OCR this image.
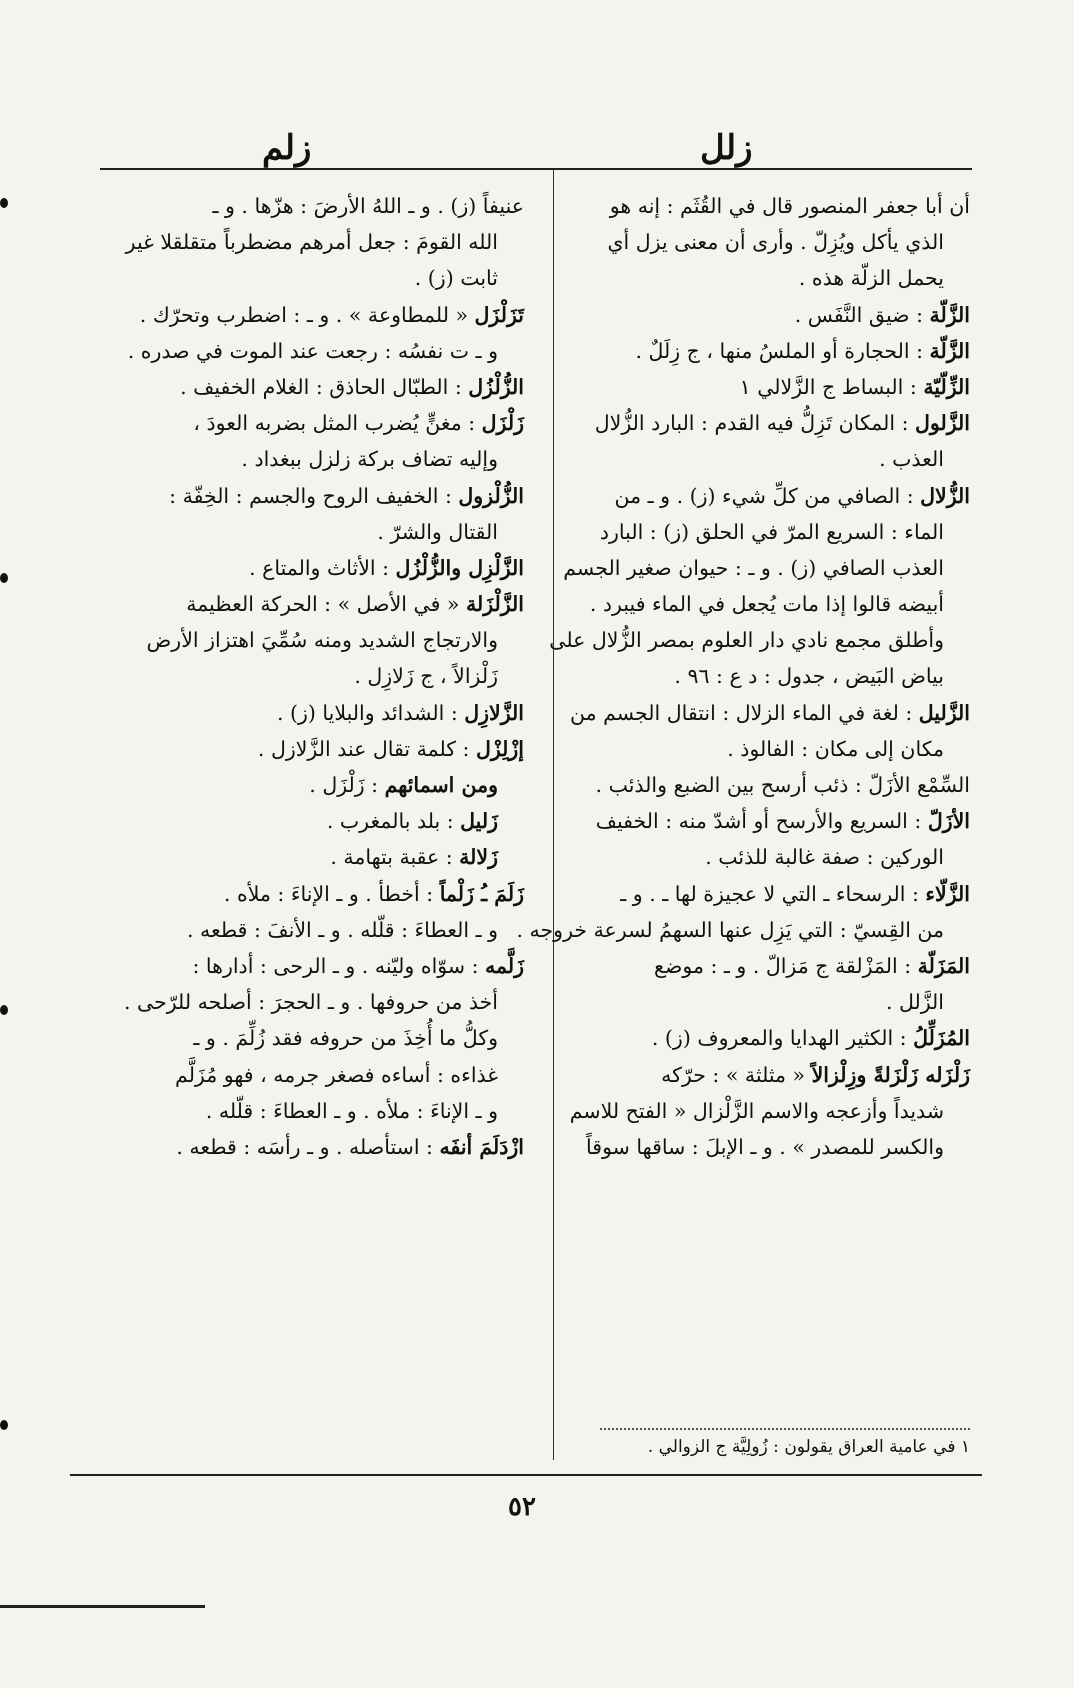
زلل
زلم
أن أبا جعفر المنصور قال في القُثَم : إنه هو
الذي يأكل ويُزِلّ . وأرى أن معنى يزل أي
يحمل الزلّة هذه .
الزَّلّة : ضيق النَّفَس .
الزَّلّة : الحجارة أو الملسُ منها ، ج زِلَلٌ .
الزِّلّيّة : البساط ج الزَّلالي ١
الزَّلول : المكان تَزِلُّ فيه القدم : البارد الزُّلال
العذب .
الزُّلال : الصافي من كلِّ شيء (ز) . و ـ من
الماء : السريع المرّ في الحلق (ز) : البارد
العذب الصافي (ز) . و ـ : حيوان صغير الجسم
أبيضه قالوا إذا مات يُجعل في الماء فيبرد .
وأطلق مجمع نادي دار العلوم بمصر الزُّلال على
بياض البَيض ، جدول : د ع : ٩٦ .
الزَّليل : لغة في الماء الزلال : انتقال الجسم من
مكان إلى مكان : الفالوذ .
السِّمْع الأزَلّ : ذئب أرسح بين الضبع والذئب .
الأزَلّ : السريع والأرسح أو أشدّ منه : الخفيف
الوركين : صفة غالبة للذئب .
الزَّلّاء : الرسحاء ـ التي لا عجيزة لها ـ . و ـ
من القِسيّ : التي يَزِل عنها السهمُ لسرعة خروجه .
المَزَلّة : المَزْلقة ج مَزالّ . و ـ : موضع
الزَّلل .
المُزَلِّلُ : الكثير الهدايا والمعروف (ز) .
زَلْزَله زَلْزَلةً وزِلْزالاً « مثلثة » : حرّكه
شديداً وأزعجه والاسم الزَّلْزال « الفتح للاسم
والكسر للمصدر » . و ـ الإبلَ : ساقها سوقاً
عنيفاً (ز) . و ـ اللهُ الأرضَ : هزّها . و ـ
الله القومَ : جعل أمرهم مضطرباً متقلقلا غير
ثابت (ز) .
تَزَلْزَل « للمطاوعة » . و ـ : اضطرب وتحرّك .
و ـ ت نفسُه : رجعت عند الموت في صدره .
الزُّلْزُل : الطبّال الحاذق : الغلام الخفيف .
زَلْزَل : مغنٍّ يُضرب المثل بضربه العودَ ،
وإليه تضاف بركة زلزل ببغداد .
الزُّلْزول : الخفيف الروح والجسم : الخِفّة :
القتال والشرّ .
الزَّلْزِل والزُّلْزُل : الأثاث والمتاع .
الزَّلْزَلة « في الأصل » : الحركة العظيمة
والارتجاج الشديد ومنه سُمِّيَ اهتزاز الأرض
زَلْزالاً ، ج زَلازِل .
الزَّلازِل : الشدائد والبلايا (ز) .
إزْلِزْل : كلمة تقال عند الزَّلازل .
ومن اسمائهم : زَلْزَل .
زَليل : بلد بالمغرب .
زَلالة : عقبة بتهامة .
زَلَمَ ـُ زَلْماً : أخطأ . و ـ الإناءَ : ملأه .
و ـ العطاءَ : قلّله . و ـ الأنفَ : قطعه .
زَلَّمه : سوّاه وليّنه . و ـ الرحى : أدارها :
أخذ من حروفها . و ـ الحجرَ : أصلحه للرّحى .
وكلُّ ما أُخِذَ من حروفه فقد زُلِّمَ . و ـ
غذاءه : أساءه فصغر جرمه ، فهو مُزَلَّم
و ـ الإناءَ : ملأه . و ـ العطاءَ : قلّله .
ازْدَلَمَ أنفَه : استأصله . و ـ رأسَه : قطعه .
١ في عامية العراق يقولون : زُولِيَّة ج الزوالي .
٥٢
